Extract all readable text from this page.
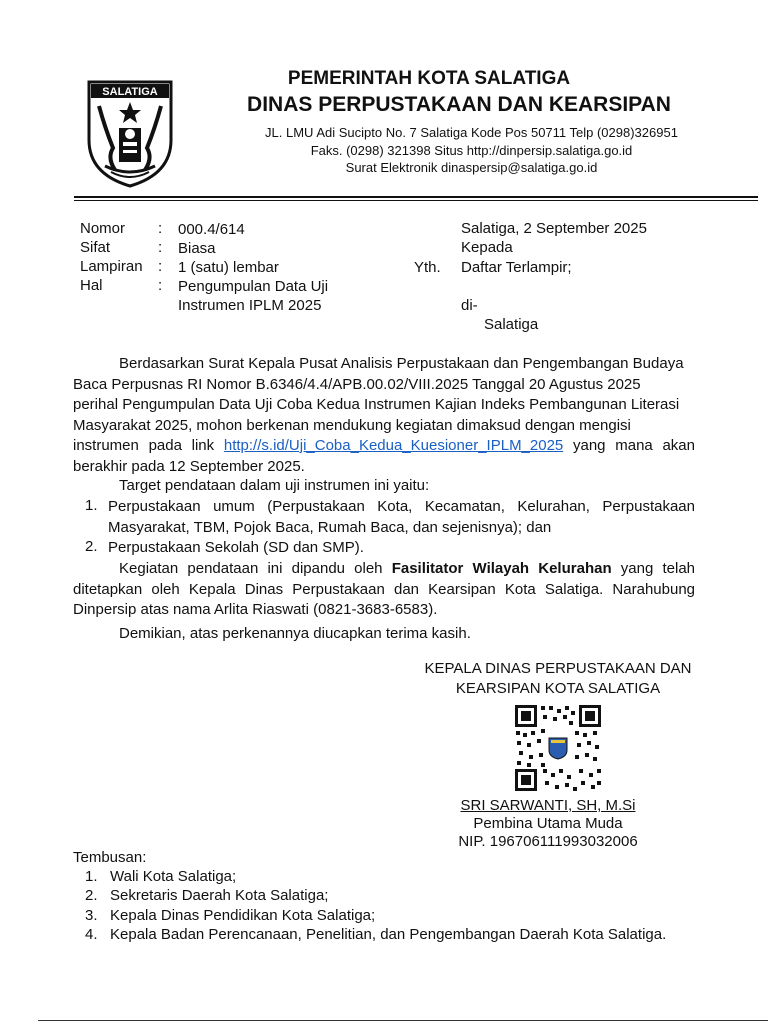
SALATIGA
PEMERINTAH KOTA SALATIGA
DINAS PERPUSTAKAAN DAN KEARSIPAN
JL. LMU Adi Sucipto No. 7 Salatiga Kode Pos 50711 Telp (0298)326951
Faks. (0298) 321398 Situs http://dinpersip.salatiga.go.id
Surat Elektronik dinaspersip@salatiga.go.id
Nomor : 000.4/614
Sifat	: Biasa
Lampiran : 1 (satu) lembar
Hal	: Pengumpulan Data Uji
Instrumen IPLM 2025
Salatiga, 2 September 2025
Kepada
Yth. Daftar Terlampir;
di-
Salatiga
Berdasarkan Surat Kepala Pusat Analisis Perpustakaan dan Pengembangan Budaya
Baca Perpusnas RI Nomor B.6346/4.4/APB.00.02/VIII.2025 Tanggal 20 Agustus 2025
perihal Pengumpulan Data Uji Coba Kedua Instrumen Kajian Indeks Pembangunan Literasi
Masyarakat 2025, mohon berkenan mendukung kegiatan dimaksud dengan mengisi
instrumen pada link http://s.id/Uji_Coba_Kedua_Kuesioner_IPLM_2025 yang mana akan
berakhir pada 12 September 2025.
Target pendataan dalam uji instrumen ini yaitu:
1. Perpustakaan umum (Perpustakaan Kota, Kecamatan, Kelurahan, Perpustakaan
Masyarakat, TBM, Pojok Baca, Rumah Baca, dan sejenisnya); dan
2. Perpustakaan Sekolah (SD dan SMP).
Kegiatan pendataan ini dipandu oleh Fasilitator Wilayah Kelurahan yang telah
ditetapkan oleh Kepala Dinas Perpustakaan dan Kearsipan Kota Salatiga. Narahubung
Dinpersip atas nama Arlita Riaswati (0821-3683-6583).
Demikian, atas perkenannya diucapkan terima kasih.
KEPALA DINAS PERPUSTAKAAN DAN
KEARSIPAN KOTA SALATIGA
SRI SARWANTI, SH, M.Si
Pembina Utama Muda
NIP. 196706111993032006
Tembusan:
1. Wali Kota Salatiga;
2. Sekretaris Daerah Kota Salatiga;
3. Kepala Dinas Pendidikan Kota Salatiga;
4. Kepala Badan Perencanaan, Penelitian, dan Pengembangan Daerah Kota Salatiga.
